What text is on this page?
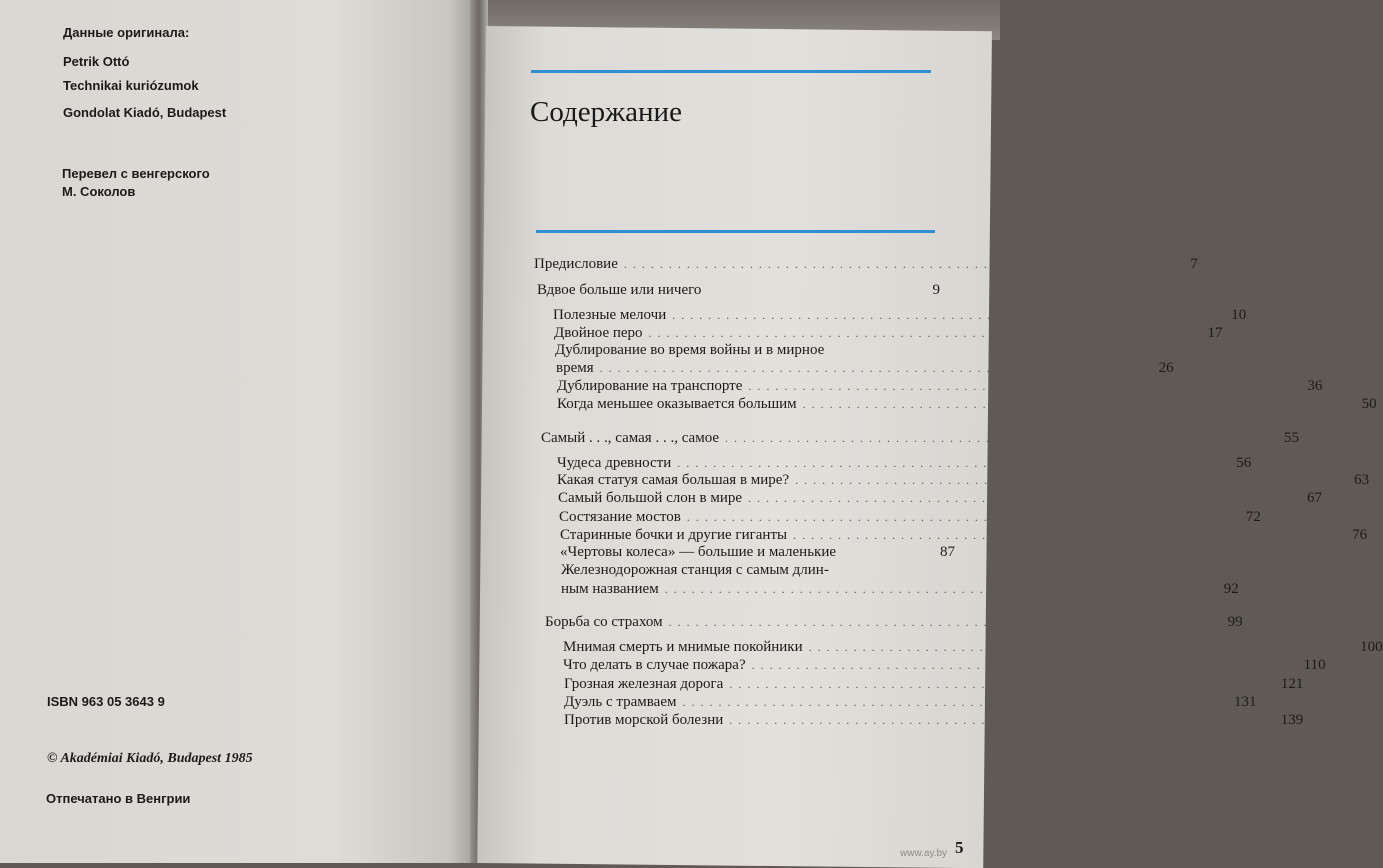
Данные оригинала:
Petrik Ottó
Technikai kuriózumok
Gondolat Kiadó, Budapest
Перевел с венгерского
М. Соколов
ISBN 963 05 3643 9
© Akadémiai Kiadó, Budapest 1985
Отпечатано в Венгрии
Содержание
Предисловие ............................................................	7
Вдвое больше или ничего	9
Полезные мелочи ............................................................	10
Двойное перо ............................................................	17
Дублирование во время войны и в мирное
время ............................................................	26
Дублирование на транспорте ............................................................	36
Когда меньшее оказывается большим ............................................................	50
Самый . . ., самая . . ., самое ............................................................	55
Чудеса древности ............................................................	56
Какая статуя самая большая в мире? ............................................................	63
Самый большой слон в мире ............................................................	67
Состязание мостов ............................................................	72
Старинные бочки и другие гиганты ............................................................	76
«Чертовы колеса» — большие и маленькие	87
Железнодорожная станция с самым длин-
ным названием ............................................................	92
Борьба со страхом ............................................................	99
Мнимая смерть и мнимые покойники ............................................................ 100
Что делать в случае пожара? ............................................................ 110
Грозная железная дорога ............................................................ 121
Дуэль с трамваем ............................................................ 131
Против морской болезни ............................................................ 139
5
www.ay.by
